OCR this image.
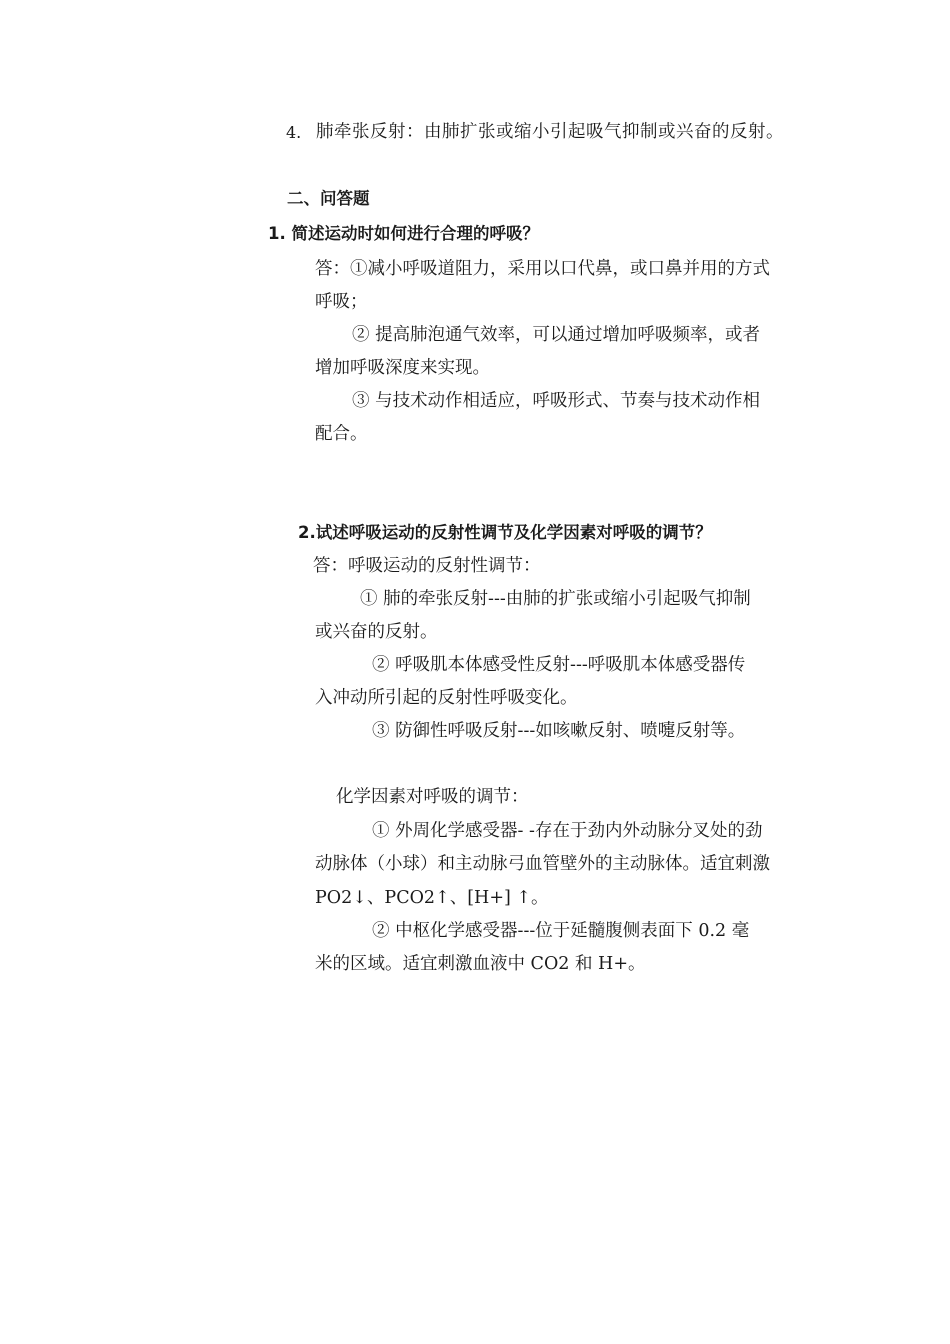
4. 肺牵张反射：由肺扩张或缩小引起吸气抑制或兴奋的反射。
二、问答题
1. 简述运动时如何进行合理的呼吸？
答：①减小呼吸道阻力，采用以口代鼻，或口鼻并用的方式
呼吸；
② 提高肺泡通气效率，可以通过增加呼吸频率，或者
增加呼吸深度来实现。
③ 与技术动作相适应，呼吸形式、节奏与技术动作相
配合。
2.试述呼吸运动的反射性调节及化学因素对呼吸的调节？
答：呼吸运动的反射性调节：
① 肺的牵张反射---由肺的扩张或缩小引起吸气抑制
或兴奋的反射。
② 呼吸肌本体感受性反射---呼吸肌本体感受器传
入冲动所引起的反射性呼吸变化。
③ 防御性呼吸反射---如咳嗽反射、喷嚏反射等。
化学因素对呼吸的调节：
① 外周化学感受器- -存在于劲内外动脉分叉处的劲
动脉体（小球）和主动脉弓血管壁外的主动脉体。适宜刺激
PO2↓、PCO2↑、[H+] ↑。
② 中枢化学感受器---位于延髓腹侧表面下 0.2 毫
米的区域。适宜刺激血液中 CO2 和 H+。
